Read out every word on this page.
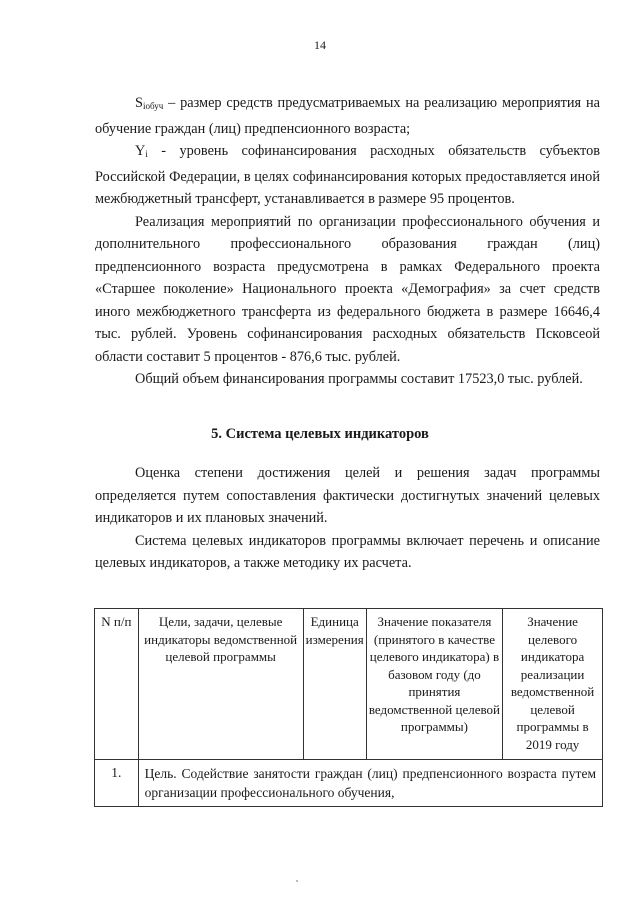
14

$S_{iобуч}$ – размер средств предусматриваемых на реализацию мероприятия на обучение граждан (лиц) предпенсионного возраста;

$Y_i$ - уровень софинансирования расходных обязательств субъектов Российской Федерации, в целях софинансирования которых предоставляется иной межбюджетный трансферт, устанавливается в размере 95 процентов.

Реализация мероприятий по организации профессионального обучения и дополнительного профессионального образования граждан (лиц) предпенсионного возраста предусмотрена в рамках Федерального проекта «Старшее поколение» Национального проекта «Демография» за счет средств иного межбюджетного трансферта из федерального бюджета в размере 16646,4 тыс. рублей. Уровень софинансирования расходных обязательств Псковсеой области составит 5 процентов - 876,6 тыс. рублей.

Общий объем финансирования программы составит 17523,0 тыс. рублей.

5. Система целевых индикаторов

Оценка степени достижения целей и решения задач программы определяется путем сопоставления фактически достигнутых значений целевых индикаторов и их плановых значений.

Система целевых индикаторов программы включает перечень и описание целевых индикаторов, а также методику их расчета.

N п/п	Цели, задачи, целевые индикаторы ведомственной целевой программы	Единица измерения	Значение показателя (принятого в качестве целевого индикатора) в базовом году (до принятия ведомственной целевой программы)	Значение целевого индикатора реализации ведомственной целевой программы в 2019 году
1.	Цель. Содействие занятости граждан (лиц) предпенсионного возраста путем организации профессионального обучения,			
